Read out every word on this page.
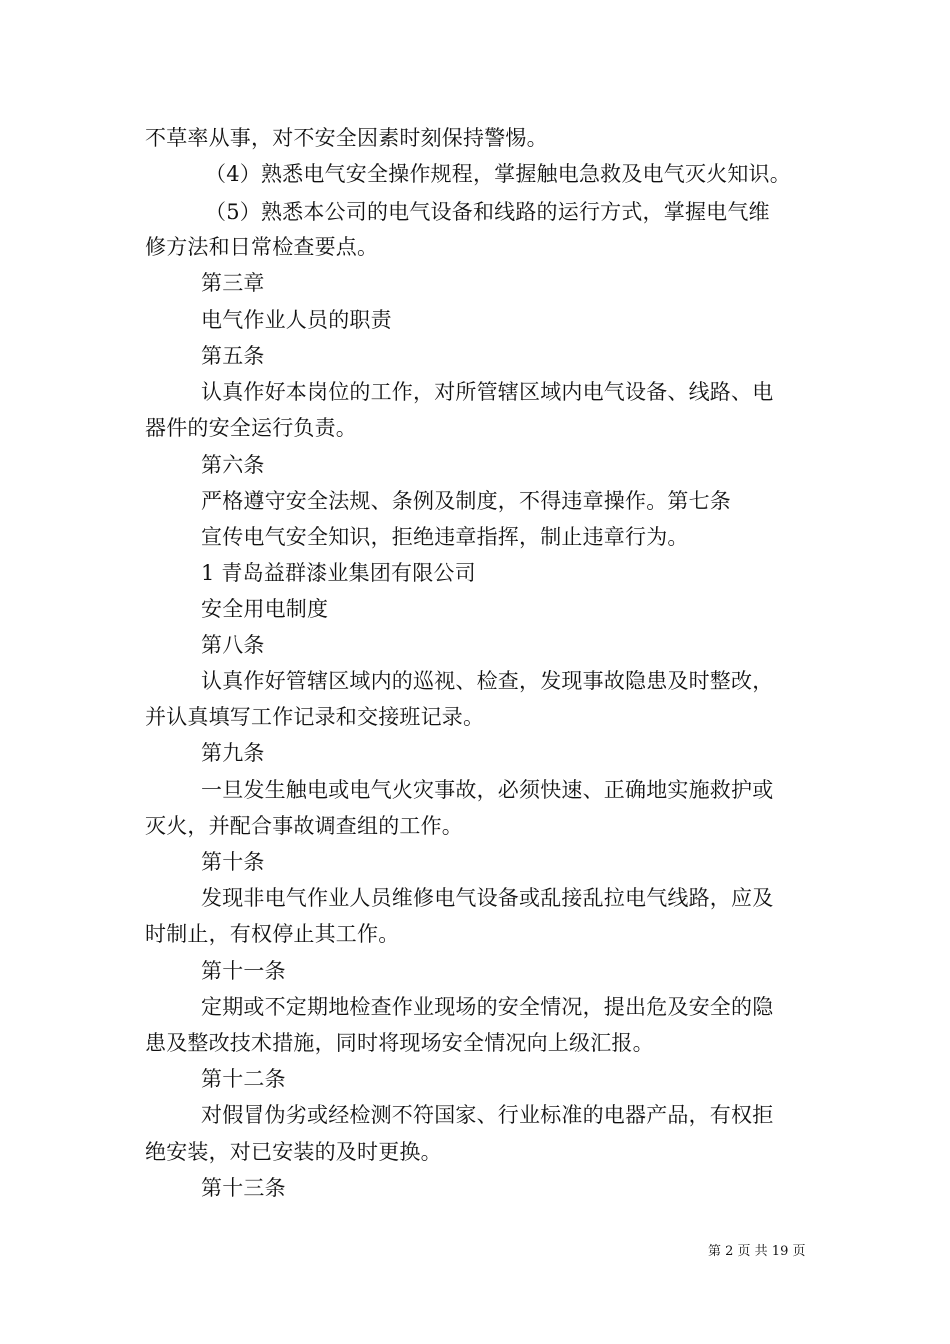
不草率从事，对不安全因素时刻保持警惕。
（4）熟悉电气安全操作规程，掌握触电急救及电气灭火知识。
（5）熟悉本公司的电气设备和线路的运行方式，掌握电气维
修方法和日常检查要点。
第三章
电气作业人员的职责
第五条
认真作好本岗位的工作，对所管辖区域内电气设备、线路、电
器件的安全运行负责。
第六条
严格遵守安全法规、条例及制度，不得违章操作。第七条
宣传电气安全知识，拒绝违章指挥，制止违章行为。
1 青岛益群漆业集团有限公司
安全用电制度
第八条
认真作好管辖区域内的巡视、检查，发现事故隐患及时整改，
并认真填写工作记录和交接班记录。
第九条
一旦发生触电或电气火灾事故，必须快速、正确地实施救护或
灭火，并配合事故调查组的工作。
第十条
发现非电气作业人员维修电气设备或乱接乱拉电气线路，应及
时制止，有权停止其工作。
第十一条
定期或不定期地检查作业现场的安全情况，提出危及安全的隐
患及整改技术措施，同时将现场安全情况向上级汇报。
第十二条
对假冒伪劣或经检测不符国家、行业标准的电器产品，有权拒
绝安装，对已安装的及时更换。
第十三条
第 2 页 共 19 页
